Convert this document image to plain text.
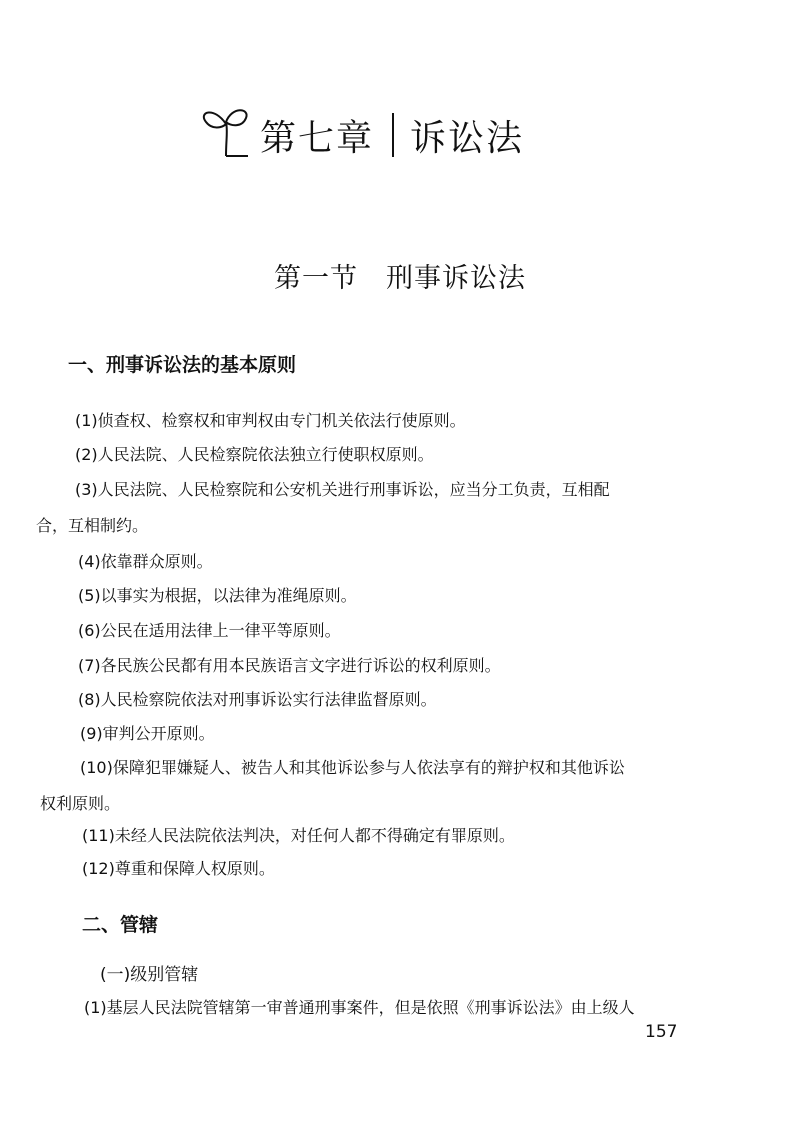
第七章 诉讼法
第一节　刑事诉讼法
一、刑事诉讼法的基本原则
(1)侦查权、检察权和审判权由专门机关依法行使原则。
(2)人民法院、人民检察院依法独立行使职权原则。
(3)人民法院、人民检察院和公安机关进行刑事诉讼，应当分工负责，互相配
合，互相制约。
(4)依靠群众原则。
(5)以事实为根据，以法律为准绳原则。
(6)公民在适用法律上一律平等原则。
(7)各民族公民都有用本民族语言文字进行诉讼的权利原则。
(8)人民检察院依法对刑事诉讼实行法律监督原则。
(9)审判公开原则。
(10)保障犯罪嫌疑人、被告人和其他诉讼参与人依法享有的辩护权和其他诉讼
权利原则。
(11)未经人民法院依法判决，对任何人都不得确定有罪原则。
(12)尊重和保障人权原则。
二、管辖
(一)级别管辖
(1)基层人民法院管辖第一审普通刑事案件，但是依照《刑事诉讼法》由上级人
157
